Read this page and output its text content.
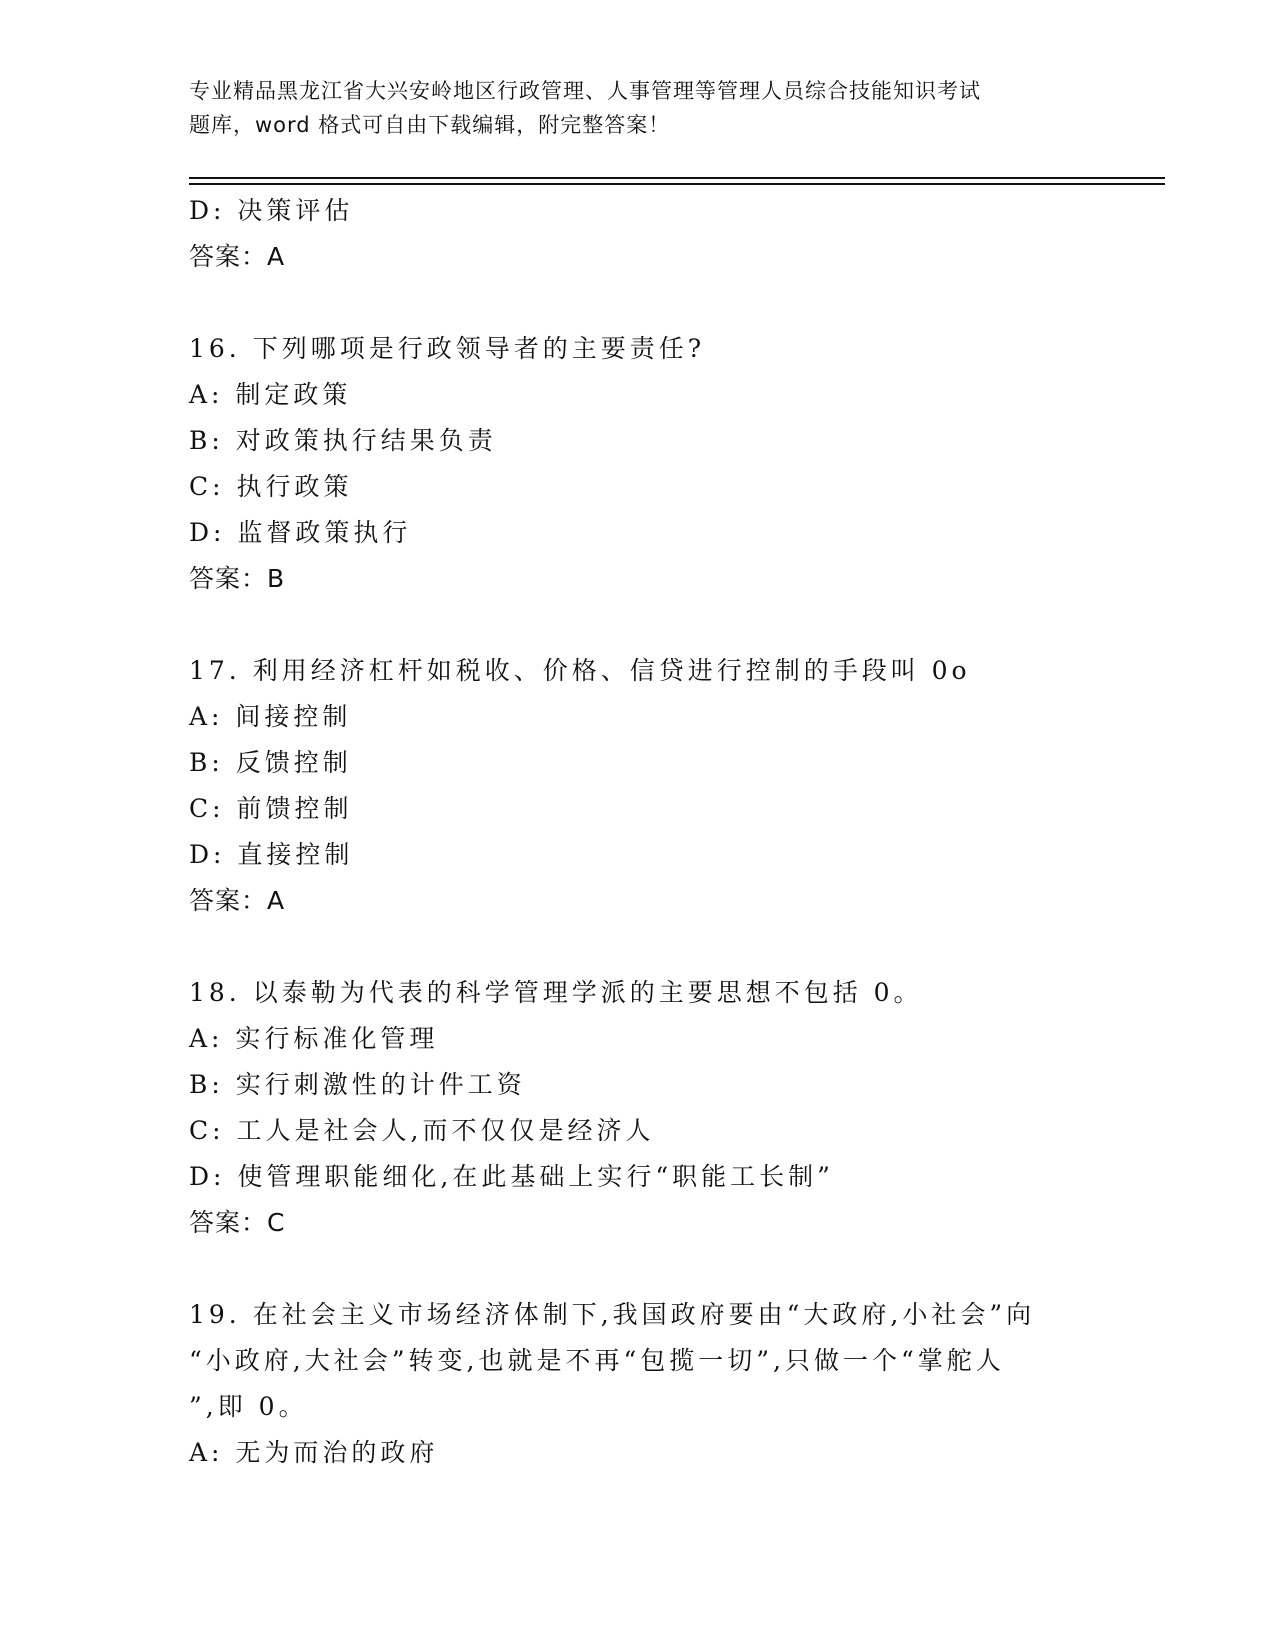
专业精品黑龙江省大兴安岭地区行政管理、人事管理等管理人员综合技能知识考试
题库，word 格式可自由下载编辑，附完整答案！
D: 决策评估
答案：A
16. 下列哪项是行政领导者的主要责任?
A: 制定政策
B: 对政策执行结果负责
C: 执行政策
D: 监督政策执行
答案：B
17. 利用经济杠杆如税收、价格、信贷进行控制的手段叫 0o
A: 间接控制
B: 反馈控制
C: 前馈控制
D: 直接控制
答案：A
18. 以泰勒为代表的科学管理学派的主要思想不包括 0。
A: 实行标准化管理
B: 实行刺激性的计件工资
C: 工人是社会人,而不仅仅是经济人
D: 使管理职能细化,在此基础上实行“职能工长制”
答案：C
19. 在社会主义市场经济体制下,我国政府要由“大政府,小社会”向
“小政府,大社会”转变,也就是不再“包揽一切”,只做一个“掌舵人
”,即 0。
A: 无为而治的政府
